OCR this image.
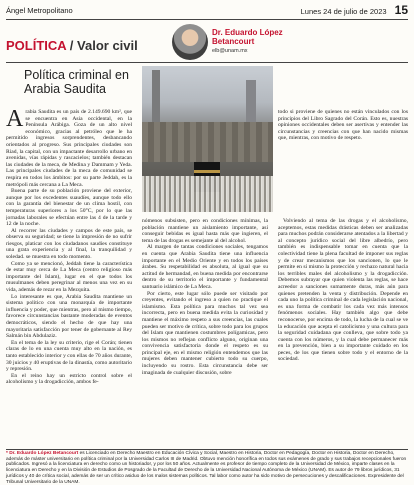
Ángel Metropolitano	Lunes 24 de julio de 2023 15
POLÍTICA / Valor civil
Dr. Eduardo López
Betancourt
elb@unam.mx
Política criminal en
Arabia Saudita

Arabia Saudita es un país de 2.149.690 km², que se encuentra en Asia occidental, en la Península Arábiga. Goza de un alto nivel económico, gracias al petróleo que le ha permitido ingresos sorprendentes, desbancando orientados al progreso. Sus principales ciudades son Riad, la capital, con un impactante desarrollo urbano en avenidas, vías rápidas y rascacielos; también destacan las ciudades de la meca, de Medina y Dammam y Yeda. Las principales ciudades de la meca de comunidad se respira en todos los ámbitos: por su parte Jeddah, es la metrópoli más cercana a La Meca.

Buena parte de su población proviene del exterior, aunque por los excedentes suaudíes, aunque todo ello con la garantía del bienestar de un clima hostil, con temperaturas superiores a los 50°C, por lo que las jornadas laborales se efectúan entre las 4 de la tarde y 12 de la noche.

Al recorrer las ciudades y campos de este país, se observa su seguridad; se tiene la impresión de no sufrir riesgos, platicar con los ciudadanos saudíes constituye una grata experiencia y al final, la tranquilidad y soledad. se muestra en todo momento.

Como ya se mencionó, Jeddah tiene la característica de estar muy cerca de La Meca (centro religioso más importante del Islam), lugar en el que todos los musulmanes deben peregrinar al menos una vez en su vida, además de rezar en la Mezquita.

Lo interesante es que, Arabia Saudita mantiene un sistema político con una monarquía de importante influencia y poder, que mientras, pero al mismo tiempo, favorece circunstancias bastante moderadas de eventos democráticos, siendo el hecho de que hay una mayoritaria satisfacción por tener de gobernante al Rey Salmán bin Abdulaziz.

En el tema de la ley su criterio, rige el Corán; tienen claras de lo en una cuenta muy alto en la nación, es tanto establecido interior y con ellas de 70 años durante, 30 juicios y 40 eruptivas de la dinastía, como autoritario y represión.

En el reino hay un estricto control sobre el alcoholismo y la drogadicción, ambos fe-

nómenos subsisten, pero en condiciones mínimas, la población mantiene un aislamiento importante, así conseguir bebidas es igual hasta más que ingieren, el tema de las drogas es semejante al del alcohol.

Al margen de tantas condiciones sociales, tengamos en cuenta que Arabia Saudita tiene una influencia importante en el Medio Oriente y en todos los países árabes. Su respetabilidad es absoluta, al igual que su actitud de hermandad, en buena medida por encontrarse dentro de su territorio el importante y fundamental santuario islámico de La Meca.

Por cierto, este lugar sólo puede ser visitado por creyentes, evitando el ingreso a quien no practique el islamismo. Esta política para muchos tal vez sea incorrecta, pero en buena medida evita la curiosidad y mantiene el máximo respeto a sus creencias, las cuales pueden ser motivo de crítica, sobre todo para los grupos del Islam que mantienen costumbres polígamicas, pero los mismos no reflejan conflicto alguno, originan una convivencia satisfactoria donde el respeto es su principal eje, en el mismo religión entendemos que las mujeres deben mantener cubierto todo su cuerpo, incluyendo su rostro. Esta circunstancia debe ser imaginada de cualquier discusión, sobre

todo si proviene de quienes no están vinculados con los principios del Libro Sagrado del Corán. Esto es, nuestras opiniones occidentales deben ser asertivas y entender las circunstancias y creencias con que han nacido mismas que, mientras, con motivo de respeto.

Volviendo al tema de las drogas y el alcoholismo, aceptemos, estas medidas drásticas deben ser analizadas para muchos podrán considerarse atentados a la libertad y al concepto jurídico social del libre albedrío, pero también es indispensable tomar en cuenta que la colectividad tiene la plena facultad de imponer sus reglas y de crear mecanismos que los sancionen, lo que le permite en sí mismo la protección y rechazo natural hacia los terribles males del alcoholismo y la drogadicción. Debemos subrayar que quien violenta las reglas, se hace acreedor a sanciones sumamente duras, más aún para quienes pretenden la venta y distribución. Depende en cada uno la política criminal de cada legislación nacional, es una forma de combatir los cada vez más intensos fenómenos sociales. Hay también algo que debe reconocerse, por encima de todo, la lucha de la cual se ve la educación que acepta el catolicismo y una cultura para la seguridad cuidadana que conlleva, que sobre todo ya cuenta con los números, y la cual debe permanecer más en la prevención, bien a su importante cuidado en los peces, de los que tienen sobre todo y el entorno de la sociedad.

* Dr. Eduardo López Betancourt es Licenciado en Derecho Maestro en Educación Cívica y Social, Maestro en Historia, Doctor en Pedagogía, Doctor en Historia, Doctor en Derecho, además de máster universitario en política criminal por la Universidad Carlos III de Madrid. Obtuvo mención honorífica en todos sus exámenes de grado y sus trabajos recepcionales fueron publicados. Ingresó a la licenciatura en derecho como un historiador, y por los 50 años. Actualmente es profesor de tiempo completo de la Universidad de México, imparte clases en la licenciatura en Derecho y en la División de Estudios de Posgrado de la Facultad de Derecho de la Universidad Nacional Autónoma de México (UNAM). Es autor de 79 libros jurídicos, 31 jurídicos y 40 de crítica social, además de ser un crítico asiduo de los malos sistemas políticos. Tal labor como autor ha sido motivo de persecuciones y descalificaciones. Expresidente del Tribunal Universitario de la UNAM.
